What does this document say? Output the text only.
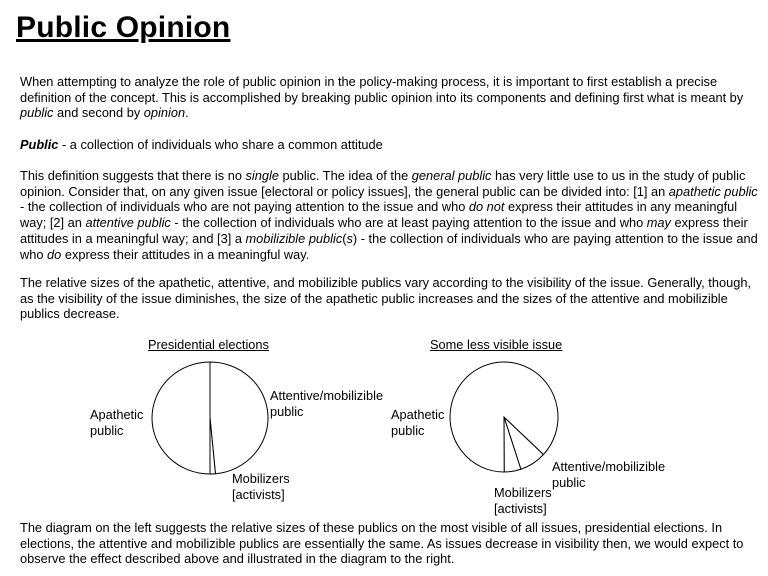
Public Opinion
When attempting to analyze the role of public opinion in the policy-making process, it is important to first establish a precise definition of the concept. This is accomplished by breaking public opinion into its components and defining first what is meant by public and second by opinion.
Public - a collection of individuals who share a common attitude
This definition suggests that there is no single public. The idea of the general public has very little use to us in the study of public opinion. Consider that, on any given issue [electoral or policy issues], the general public can be divided into: [1] an apathetic public - the collection of individuals who are not paying attention to the issue and who do not express their attitudes in any meaningful way; [2] an attentive public - the collection of individuals who are at least paying attention to the issue and who may express their attitudes in a meaningful way; and [3] a mobilizible public(s) - the collection of individuals who are paying attention to the issue and who do express their attitudes in a meaningful way.
The relative sizes of the apathetic, attentive, and mobilizible publics vary according to the visibility of the issue. Generally, though, as the visibility of the issue diminishes, the size of the apathetic public increases and the sizes of the attentive and mobilizible publics decrease.
Presidential elections
Apathetic
public
Attentive/mobilizible
public
Mobilizers
[activists]
Some less visible issue
Apathetic
public
Attentive/mobilizible
public
Mobilizers
[activists]
The diagram on the left suggests the relative sizes of these publics on the most visible of all issues, presidential elections. In elections, the attentive and mobilizible publics are essentially the same. As issues decrease in visibility then, we would expect to observe the effect described above and illustrated in the diagram to the right.
